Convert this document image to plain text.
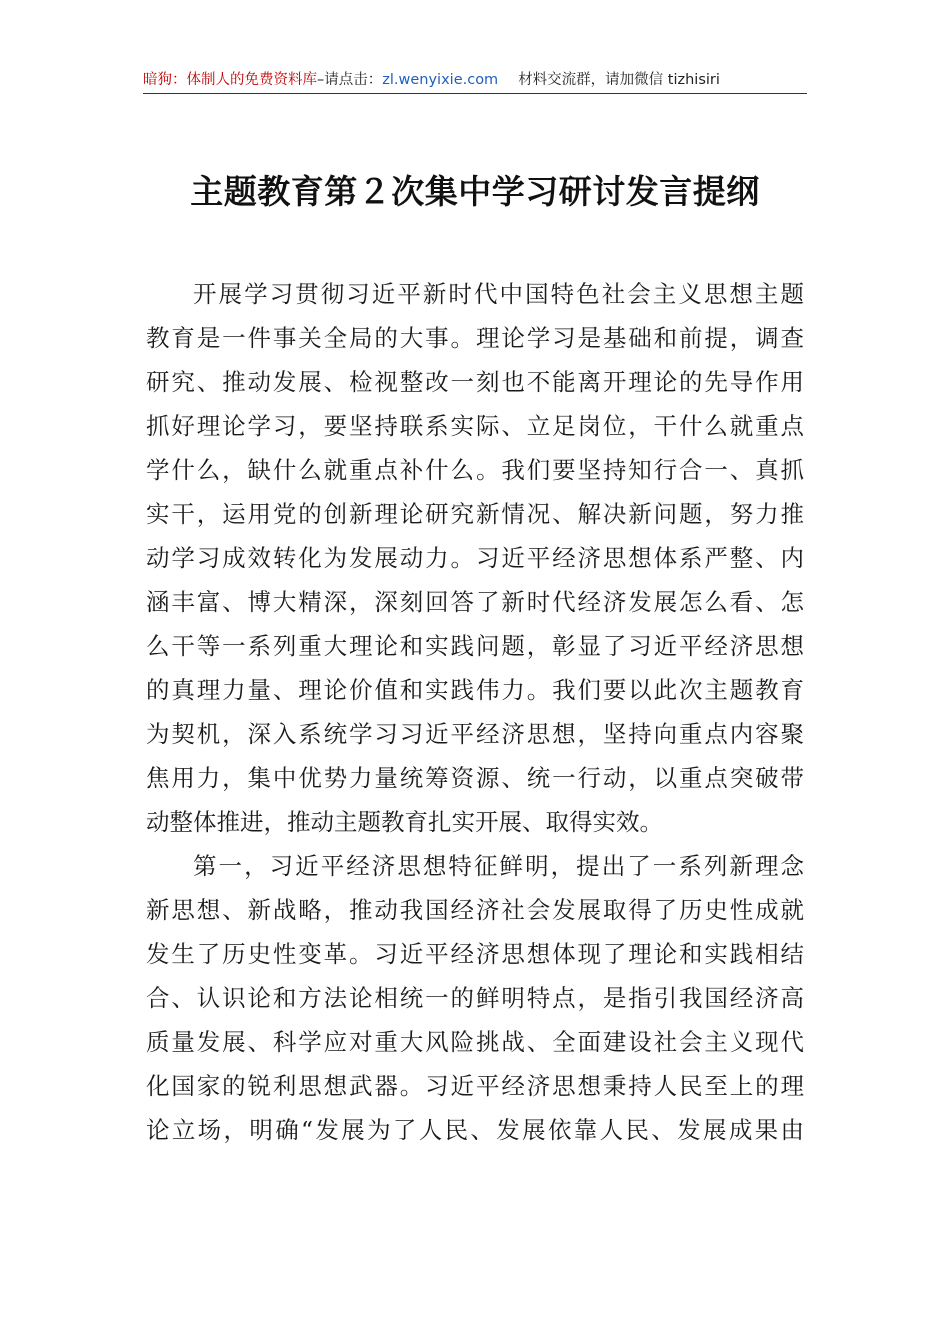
暗狗：体制人的免费资料库 –请点击： zl.wenyixie.com 材料交流群，请加微信 tizhisiri
主题教育第２次集中学习研讨发言提纲
开展学习贯彻习近平新时代中国特色社会主义思想主题
教育是一件事关全局的大事。理论学习是基础和前提，调查
研究、推动发展、检视整改一刻也不能离开理论的先导作用
抓好理论学习，要坚持联系实际、立足岗位，干什么就重点
学什么，缺什么就重点补什么。我们要坚持知行合一、真抓
实干，运用党的创新理论研究新情况、解决新问题，努力推
动学习成效转化为发展动力。习近平经济思想体系严整、内
涵丰富、博大精深，深刻回答了新时代经济发展怎么看、怎
么干等一系列重大理论和实践问题，彰显了习近平经济思想
的真理力量、理论价值和实践伟力。我们要以此次主题教育
为契机，深入系统学习习近平经济思想，坚持向重点内容聚
焦用力，集中优势力量统筹资源、统一行动，以重点突破带
动整体推进，推动主题教育扎实开展、取得实效。
第一，习近平经济思想特征鲜明，提出了一系列新理念
新思想、新战略，推动我国经济社会发展取得了历史性成就
发生了历史性变革。习近平经济思想体现了理论和实践相结
合、认识论和方法论相统一的鲜明特点，是指引我国经济高
质量发展、科学应对重大风险挑战、全面建设社会主义现代
化国家的锐利思想武器。习近平经济思想秉持人民至上的理
论立场，明确“发展为了人民、发展依靠人民、发展成果由
